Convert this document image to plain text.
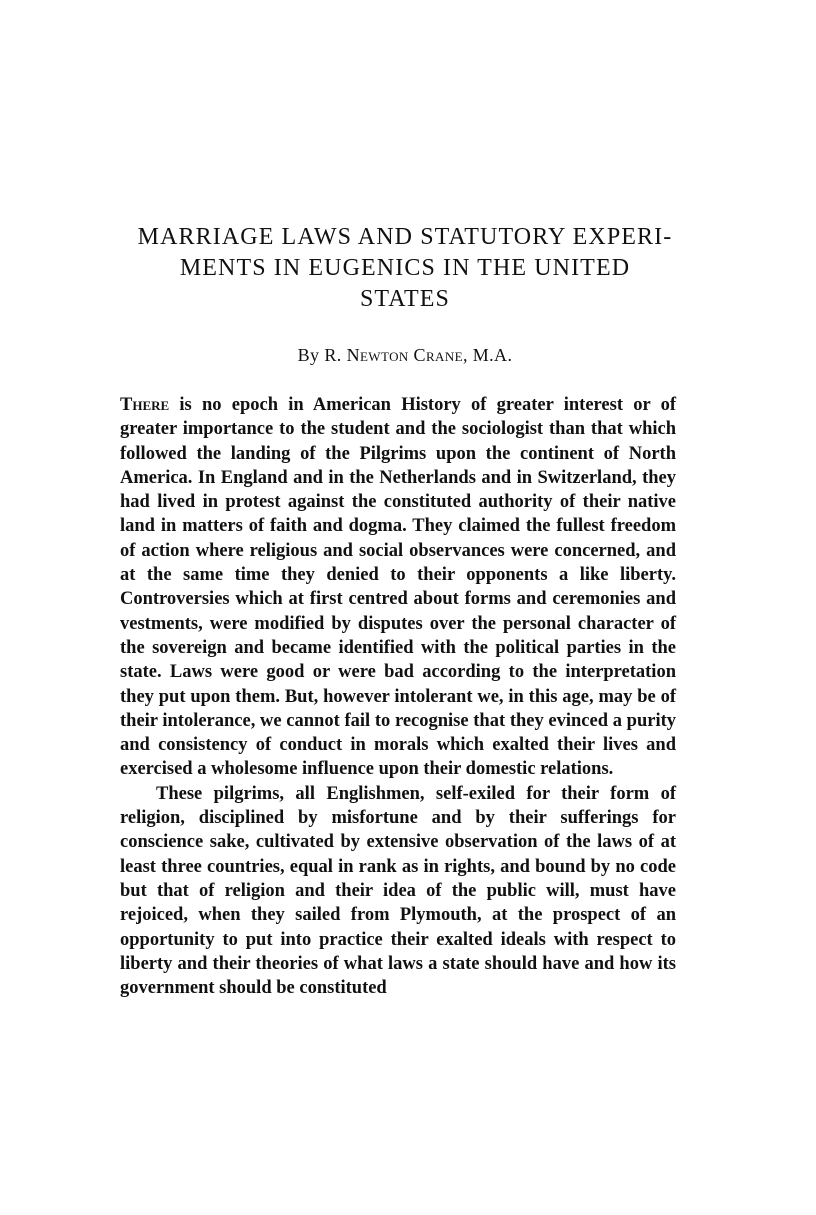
MARRIAGE LAWS AND STATUTORY EXPERI-
MENTS IN EUGENICS IN THE UNITED
STATES
By R. Newton Crane, M.A.

There is no epoch in American History of greater interest or of greater importance to the student and the sociologist than that which followed the landing of the Pilgrims upon the continent of North America. In England and in the Netherlands and in Switzerland, they had lived in protest against the constituted authority of their native land in matters of faith and dogma. They claimed the fullest freedom of action where religious and social observances were concerned, and at the same time they denied to their opponents a like liberty. Controversies which at first centred about forms and ceremonies and vestments, were modified by disputes over the personal character of the sovereign and became identified with the political parties in the state. Laws were good or were bad according to the interpretation they put upon them. But, however intolerant we, in this age, may be of their intolerance, we cannot fail to recognise that they evinced a purity and consistency of conduct in morals which exalted their lives and exercised a wholesome influence upon their domestic relations.

These pilgrims, all Englishmen, self-exiled for their form of religion, disciplined by misfortune and by their sufferings for conscience sake, cultivated by extensive observation of the laws of at least three countries, equal in rank as in rights, and bound by no code but that of religion and their idea of the public will, must have rejoiced, when they sailed from Plymouth, at the prospect of an opportunity to put into practice their exalted ideals with respect to liberty and their theories of what laws a state should have and how its government should be constituted
